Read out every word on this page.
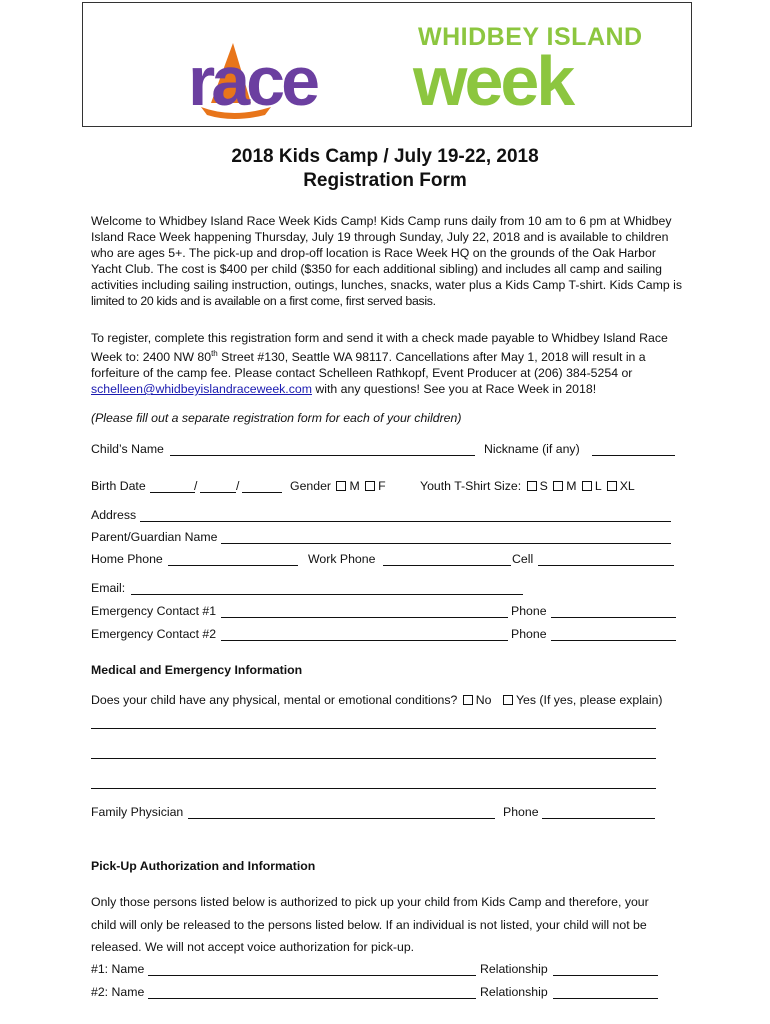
WHIDBEY ISLAND
race week
2018 Kids Camp / July 19-22, 2018
Registration Form

Welcome to Whidbey Island Race Week Kids Camp! Kids Camp runs daily from 10 am to 6 pm at Whidbey

Island Race Week happening Thursday, July 19 through Sunday, July 22, 2018 and is available to children

who are ages 5+. The pick-up and drop-off location is Race Week HQ on the grounds of the Oak Harbor

Yacht Club. The cost is $400 per child ($350 for each additional sibling) and includes all camp and sailing

activities including sailing instruction, outings, lunches, snacks, water plus a Kids Camp T-shirt. Kids Camp is

limited to 20 kids and is available on a first come, first served basis.

To register, complete this registration form and send it with a check made payable to Whidbey Island Race

Week to: 2400 NW 80th Street #130, Seattle WA 98117. Cancellations after May 1, 2018 will result in a

forfeiture of the camp fee. Please contact Schelleen Rathkopf, Event Producer at (206) 384-5254 or

schelleen@whidbeyislandraceweek.com with any questions! See you at Race Week in 2018!

(Please fill out a separate registration form for each of your children)
Child’s Name	Nickname (if any)
Birth Date	/	/	Gender M F	Youth T-Shirt Size: S M L XL
Address
Parent/Guardian Name
Home Phone	Work Phone	Cell
Email:
Emergency Contact #1	Phone
Emergency Contact #2	Phone
Medical and Emergency Information
Does your child have any physical, mental or emotional conditions? No Yes (If yes, please explain)
Family Physician	Phone
Pick-Up Authorization and Information
Only those persons listed below is authorized to pick up your child from Kids Camp and therefore, your
child will only be released to the persons listed below. If an individual is not listed, your child will not be
released. We will not accept voice authorization for pick-up.
#1: Name	Relationship
#2: Name	Relationship
